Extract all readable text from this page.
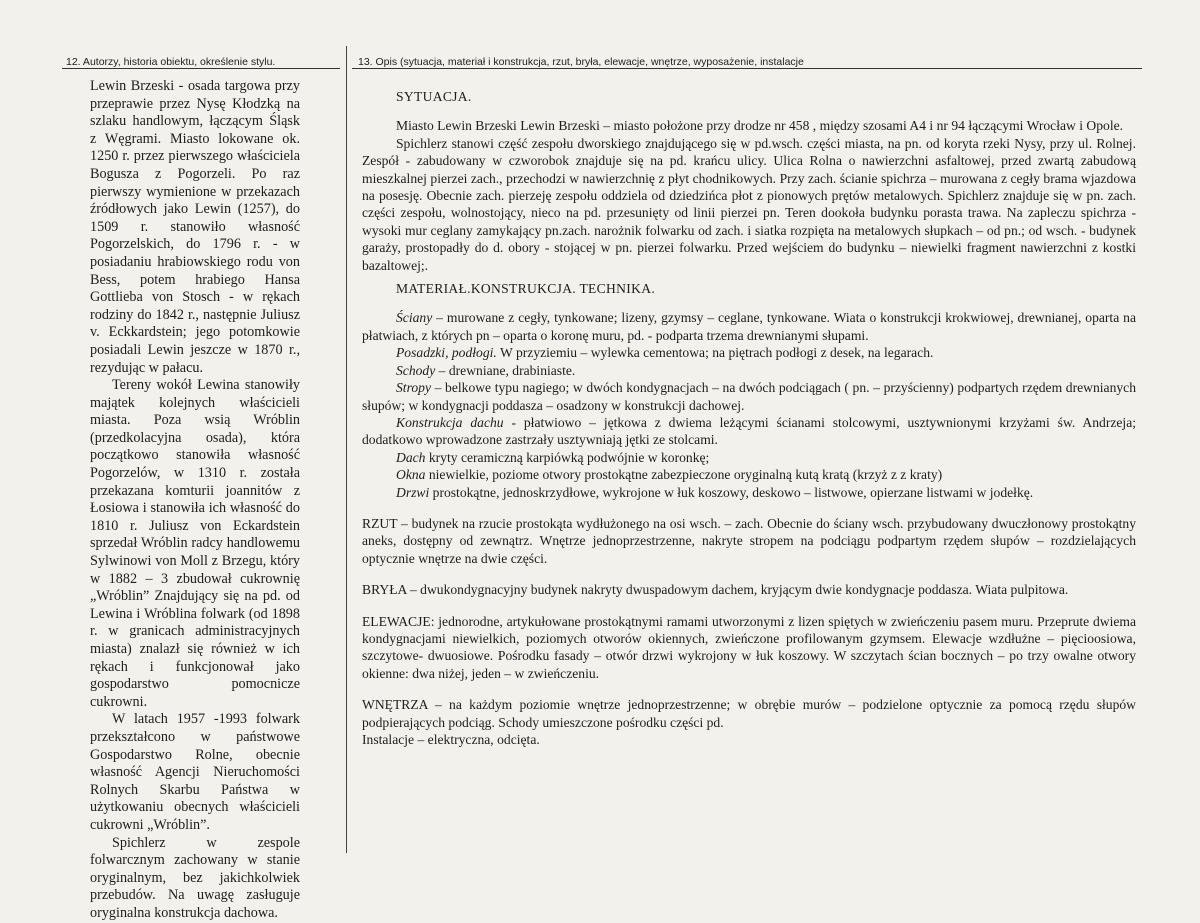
12. Autorzy, historia obiektu, określenie stylu.	13. Opis (sytuacja, materiał i konstrukcja, rzut, bryła, elewacje, wnętrze, wyposażenie, instalacje

Lewin Brzeski - osada targowa przy przeprawie przez Nysę Kłodzką na szlaku handlowym, łączącym Śląsk z Węgrami. Miasto lokowane ok. 1250 r. przez pierwszego właściciela Bogusza z Pogorzeli. Po raz pierwszy wymienione w przekazach źródłowych jako Lewin (1257), do 1509 r. stanowiło własność Pogorzelskich, do 1796 r. - w posiadaniu hrabiowskiego rodu von Bess, potem hrabiego Hansa Gottlieba von Stosch - w rękach rodziny do 1842 r., następnie Juliusz v. Eckkardstein; jego potomkowie posiadali Lewin jeszcze w 1870 r., rezydując w pałacu.

Tereny wokół Lewina stanowiły majątek kolejnych właścicieli miasta. Poza wsią Wróblin (przedkolacyjna osada), która początkowo stanowiła własność Pogorzelów, w 1310 r. została przekazana komturii joannitów z Łosiowa i stanowiła ich własność do 1810 r. Juliusz von Eckardstein sprzedał Wróblin radcy handlowemu Sylwinowi von Moll z Brzegu, który w 1882 – 3 zbudował cukrownię „Wróblin” Znajdujący się na pd. od Lewina i Wróblina folwark (od 1898 r. w granicach administracyjnych miasta) znalazł się również w ich rękach i funkcjonował jako gospodarstwo pomocnicze cukrowni.

W latach 1957 -1993 folwark przekształcono w państwowe Gospodarstwo Rolne, obecnie własność Agencji Nieruchomości Rolnych Skarbu Państwa w użytkowaniu obecnych właścicieli cukrowni „Wróblin”.

Spichlerz w zespole folwarcznym zachowany w stanie oryginalnym, bez jakichkolwiek przebudów. Na uwagę zasługuje oryginalna konstrukcja dachowa.

SYTUACJA.

Miasto Lewin Brzeski Lewin Brzeski – miasto położone przy drodze nr 458 , między szosami A4 i nr 94 łączącymi Wrocław i Opole.

Spichlerz stanowi część zespołu dworskiego znajdującego się w pd.wsch. części miasta, na pn. od koryta rzeki Nysy, przy ul. Rolnej. Zespół - zabudowany w czworobok znajduje się na pd. krańcu ulicy. Ulica Rolna o nawierzchni asfaltowej, przed zwartą zabudową mieszkalnej pierzei zach., przechodzi w nawierzchnię z płyt chodnikowych. Przy zach. ścianie spichrza – murowana z cegły brama wjazdowa na posesję. Obecnie zach. pierzeję zespołu oddziela od dziedzińca płot z pionowych prętów metalowych. Spichlerz znajduje się w pn. zach. części zespołu, wolnostojący, nieco na pd. przesunięty od linii pierzei pn. Teren dookoła budynku porasta trawa. Na zapleczu spichrza - wysoki mur ceglany zamykający pn.zach. narożnik folwarku od zach. i siatka rozpięta na metalowych słupkach – od pn.; od wsch. - budynek garaży, prostopadły do d. obory - stojącej w pn. pierzei folwarku. Przed wejściem do budynku – niewielki fragment nawierzchni z kostki bazaltowej;.

MATERIAŁ.KONSTRUKCJA. TECHNIKA.

Ściany – murowane z cegły, tynkowane; lizeny, gzymsy – ceglane, tynkowane. Wiata o konstrukcji krokwiowej, drewnianej, oparta na płatwiach, z których pn – oparta o koronę muru, pd. - podparta trzema drewnianymi słupami.

Posadzki, podłogi. W przyziemiu – wylewka cementowa; na piętrach podłogi z desek, na legarach.

Schody – drewniane, drabiniaste.

Stropy – belkowe typu nagiego; w dwóch kondygnacjach – na dwóch podciągach ( pn. – przyścienny) podpartych rzędem drewnianych słupów; w kondygnacji poddasza – osadzony w konstrukcji dachowej.

Konstrukcja dachu - płatwiowo – jętkowa z dwiema leżącymi ścianami stolcowymi, usztywnionymi krzyżami św. Andrzeja; dodatkowo wprowadzone zastrzały usztywniają jętki ze stolcami.

Dach kryty ceramiczną karpiówką podwójnie w koronkę;

Okna niewielkie, poziome otwory prostokątne zabezpieczone oryginalną kutą kratą (krzyż z z kraty)

Drzwi prostokątne, jednoskrzydłowe, wykrojone w łuk koszowy, deskowo – listwowe, opierzane listwami w jodełkę.

RZUT – budynek na rzucie prostokąta wydłużonego na osi wsch. – zach. Obecnie do ściany wsch. przybudowany dwuczłonowy prostokątny aneks, dostępny od zewnątrz. Wnętrze jednoprzestrzenne, nakryte stropem na podciągu podpartym rzędem słupów – rozdzielających optycznie wnętrze na dwie części.

BRYŁA – dwukondygnacyjny budynek nakryty dwuspadowym dachem, kryjącym dwie kondygnacje poddasza. Wiata pulpitowa.

ELEWACJE: jednorodne, artykułowane prostokątnymi ramami utworzonymi z lizen spiętych w zwieńczeniu pasem muru. Przeprute dwiema kondygnacjami niewielkich, poziomych otworów okiennych, zwieńczone profilowanym gzymsem. Elewacje wzdłużne – pięcioosiowa, szczytowe- dwuosiowe. Pośrodku fasady – otwór drzwi wykrojony w łuk koszowy. W szczytach ścian bocznych – po trzy owalne otwory okienne: dwa niżej, jeden – w zwieńczeniu.

WNĘTRZA – na każdym poziomie wnętrze jednoprzestrzenne; w obrębie murów – podzielone optycznie za pomocą rzędu słupów podpierających podciąg. Schody umieszczone pośrodku części pd.

Instalacje – elektryczna, odcięta.
